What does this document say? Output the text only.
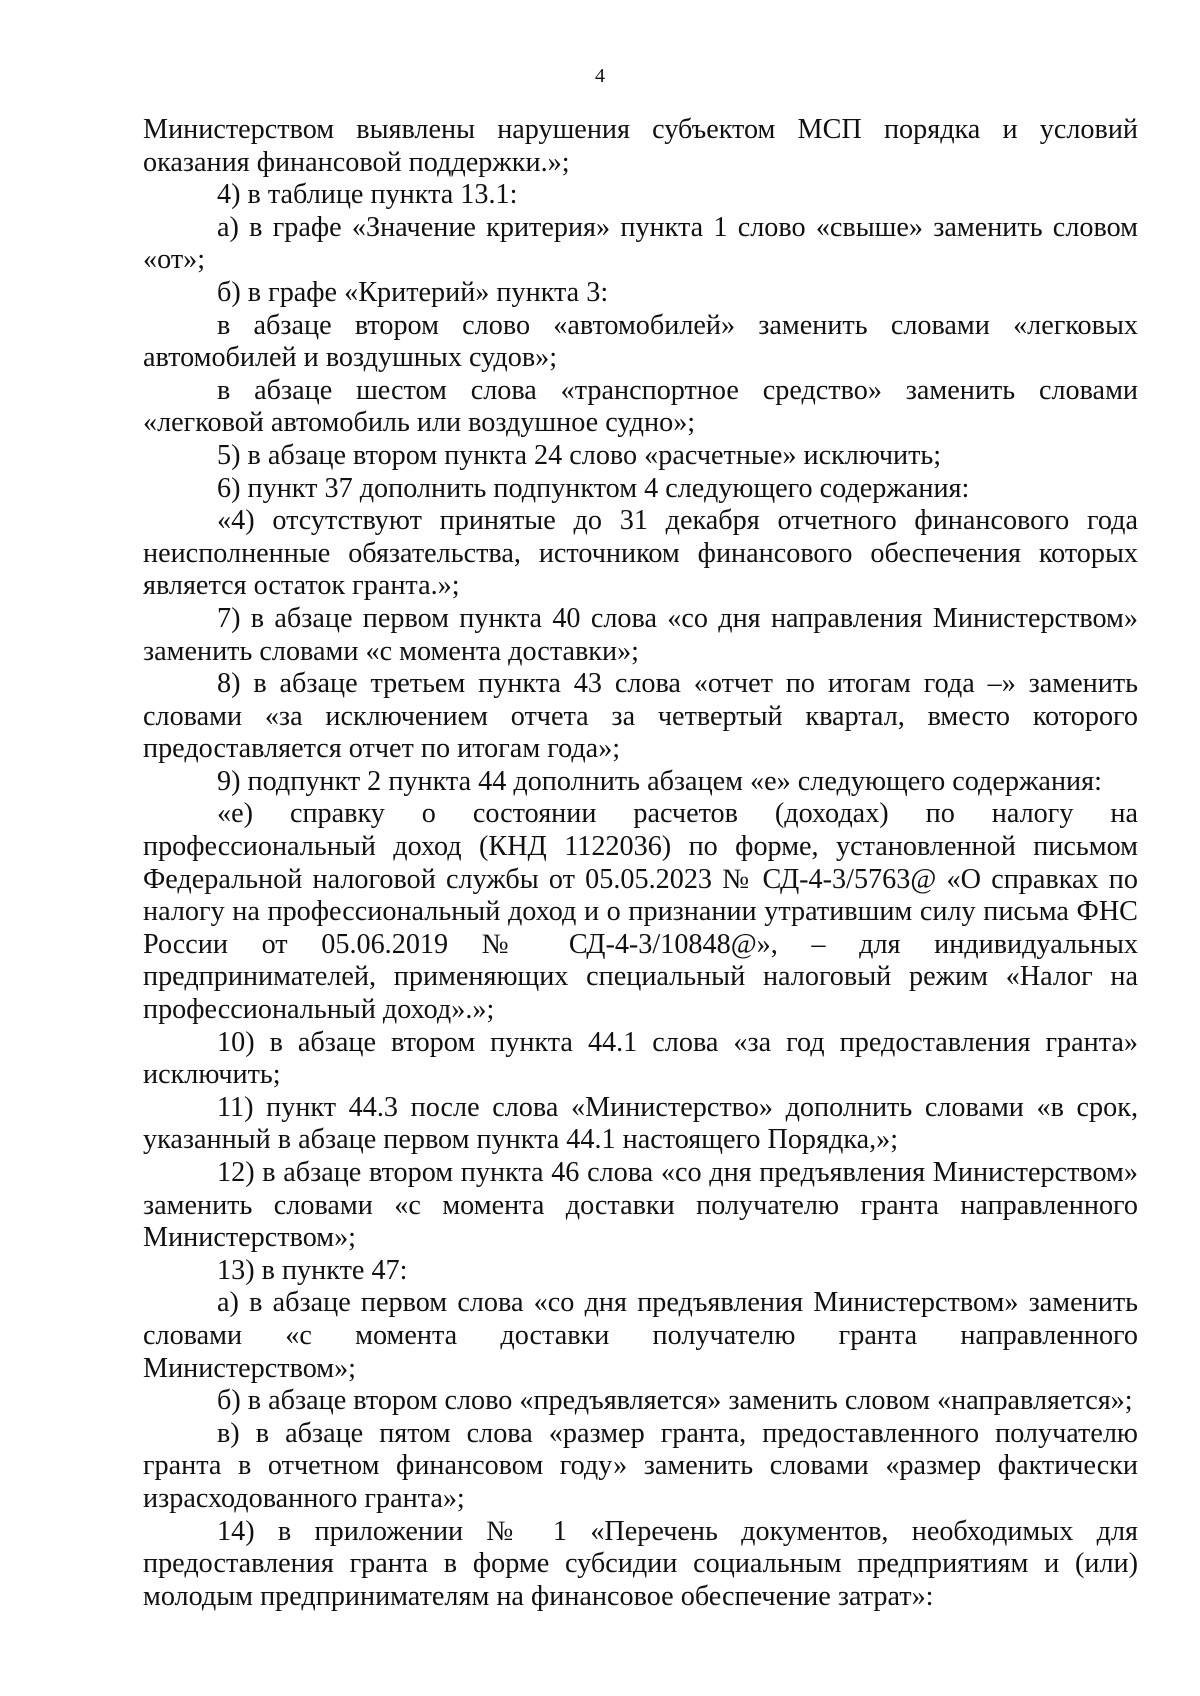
4

Министерством выявлены нарушения субъектом МСП порядка и условий оказания финансовой поддержки.»;

4) в таблице пункта 13.1:

а) в графе «Значение критерия» пункта 1 слово «свыше» заменить словом «от»;

б) в графе «Критерий» пункта 3:

в абзаце втором слово «автомобилей» заменить словами «легковых автомобилей и воздушных судов»;

в абзаце шестом слова «транспортное средство» заменить словами «легковой автомобиль или воздушное судно»;

5) в абзаце втором пункта 24 слово «расчетные» исключить;

6) пункт 37 дополнить подпунктом 4 следующего содержания:

«4) отсутствуют принятые до 31 декабря отчетного финансового года неисполненные обязательства, источником финансового обеспечения которых является остаток гранта.»;

7) в абзаце первом пункта 40 слова «со дня направления Министерством» заменить словами «с момента доставки»;

8) в абзаце третьем пункта 43 слова «отчет по итогам года –» заменить словами «за исключением отчета за четвертый квартал, вместо которого предоставляется отчет по итогам года»;

9) подпункт 2 пункта 44 дополнить абзацем «е» следующего содержания:

«е) справку о состоянии расчетов (доходах) по налогу на профессиональный доход (КНД 1122036) по форме, установленной письмом Федеральной налоговой службы от 05.05.2023 № СД-4-3/5763@ «О справках по налогу на профессиональный доход и о признании утратившим силу письма ФНС России от 05.06.2019 № СД-4-3/10848@», – для индивидуальных предпринимателей, применяющих специальный налоговый режим «Налог на профессиональный доход».»;

10) в абзаце втором пункта 44.1 слова «за год предоставления гранта» исключить;

11) пункт 44.3 после слова «Министерство» дополнить словами «в срок, указанный в абзаце первом пункта 44.1 настоящего Порядка,»;

12) в абзаце втором пункта 46 слова «со дня предъявления Министерством» заменить словами «с момента доставки получателю гранта направленного Министерством»;

13) в пункте 47:

а) в абзаце первом слова «со дня предъявления Министерством» заменить словами «с момента доставки получателю гранта направленного Министерством»;

б) в абзаце втором слово «предъявляется» заменить словом «направляется»;

в) в абзаце пятом слова «размер гранта, предоставленного получателю гранта в отчетном финансовом году» заменить словами «размер фактически израсходованного гранта»;

14) в приложении № 1 «Перечень документов, необходимых для предоставления гранта в форме субсидии социальным предприятиям и (или) молодым предпринимателям на финансовое обеспечение затрат»:
